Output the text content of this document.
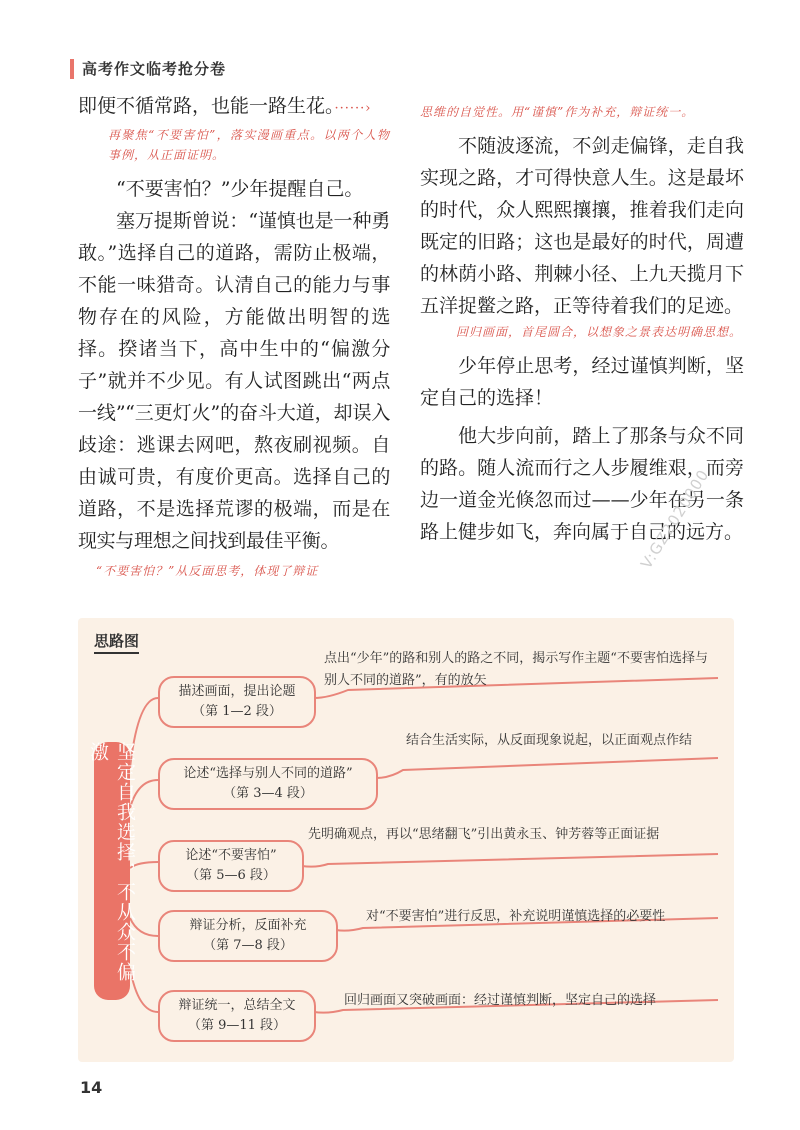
高考作文临考抢分卷

即便不循常路，也能一路生花。······›

再聚焦“不要害怕”，落实漫画重点。以两个人物事例，从正面证明。

“不要害怕？”少年提醒自己。

塞万提斯曾说：“谨慎也是一种勇敢。”选择自己的道路，需防止极端，不能一味猎奇。认清自己的能力与事物存在的风险，方能做出明智的选择。揆诸当下，高中生中的“偏激分子”就并不少见。有人试图跳出“两点一线”“三更灯火”的奋斗大道，却误入歧途：逃课去网吧，熬夜刷视频。自由诚可贵，有度价更高。选择自己的道路，不是选择荒谬的极端，而是在现实与理想之间找到最佳平衡。

“不要害怕？”从反面思考，体现了辩证

思维的自觉性。用“谨慎”作为补充，辩证统一。

不随波逐流，不剑走偏锋，走自我实现之路，才可得快意人生。这是最坏的时代，众人熙熙攘攘，推着我们走向既定的旧路；这也是最好的时代，周遭的林荫小路、荆棘小径、上九天揽月下五洋捉鳖之路，正等待着我们的足迹。

回归画面，首尾圆合，以想象之景表达明确思想。

少年停止思考，经过谨慎判断，坚定自己的选择！

他大步向前，踏上了那条与众不同的路。随人流而行之人步履维艰，而旁边一道金光倏忽而过——少年在另一条路上健步如飞，奔向属于自己的远方。

V:GZ2020000
思路图
坚定自我选择，不从众不偏激
描述画面，提出论题
（第 1—2 段）
点出“少年”的路和别人的路之不同，揭示写作主题“不要害怕选择与别人不同的道路”，有的放矢
论述“选择与别人不同的道路”
（第 3—4 段）
结合生活实际，从反面现象说起，以正面观点作结
论述“不要害怕”
（第 5—6 段）
先明确观点，再以“思绪翻飞”引出黄永玉、钟芳蓉等正面证据
辩证分析，反面补充
（第 7—8 段）
对“不要害怕”进行反思，补充说明谨慎选择的必要性
辩证统一，总结全文
（第 9—11 段）
回归画面又突破画面：经过谨慎判断，坚定自己的选择
14
